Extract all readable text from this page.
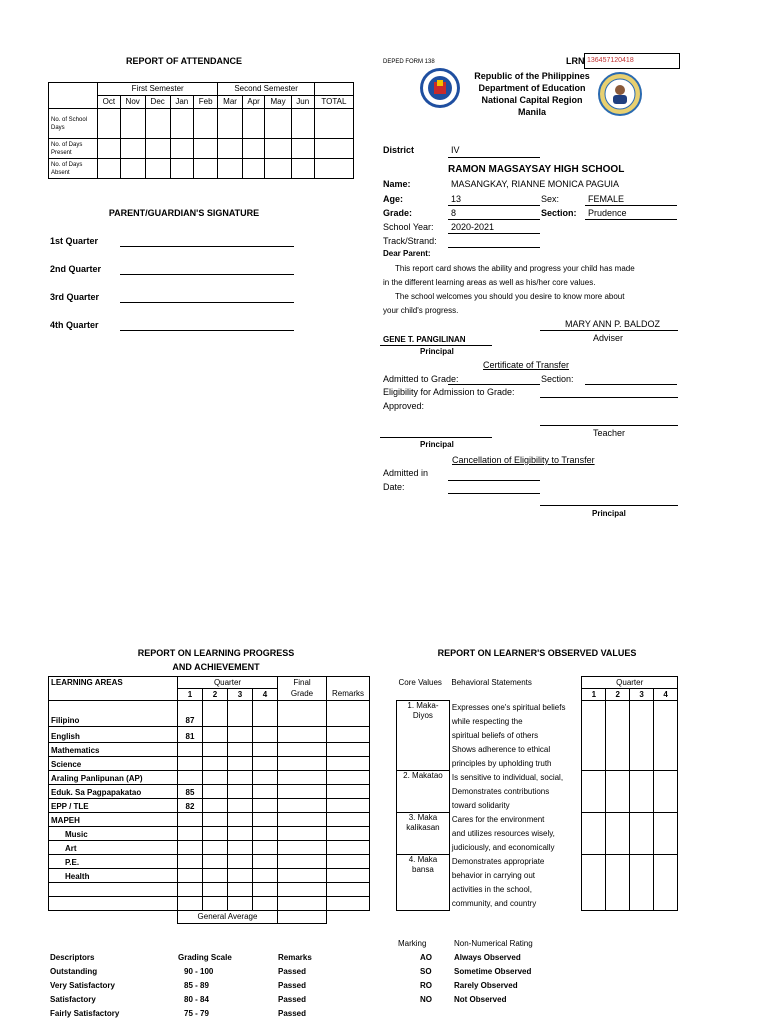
REPORT OF ATTENDANCE
	First Semester					Second Semester				
	Oct	Nov	Dec	Jan	Feb	Mar	Apr	May	Jun	TOTAL
No. of School
Days										
No. of Days
Present										
No. of Days
Absent										
PARENT/GUARDIAN'S SIGNATURE
1st Quarter
2nd Quarter
3rd Quarter
4th Quarter
DEPED FORM 138	LRN 136457120418
Republic of the Philippines
Department of Education
National Capital Region
Manila
District	IV
RAMON MAGSAYSAY HIGH SCHOOL
Name:	MASANGKAY, RIANNE MONICA PAGUIA
Age:	13	Sex:	FEMALE
Grade:	8	Section: Prudence
School Year: 2020-2021
Track/Strand:
Dear Parent:
This report card shows the ability and progress your child has made
in the different learning areas as well as his/her core values.
The school welcomes you should you desire to know more about
your child's progress.
MARY ANN P. BALDOZ
Adviser
GENE T. PANGILINAN
Principal
Certificate of Transfer
Admitted to Grade:	Section:
Eligibility for Admission to Grade:
Approved:
Teacher
Principal
Cancellation of Eligibility to Transfer
Admitted in
Date:
Principal
REPORT ON LEARNING PROGRESS
AND ACHIEVEMENT
LEARNING AREAS	Quarter				Final	
	1	2	3	4	Grade	Remarks
Filipino	87					
English	81					
Mathematics						
Science						
Araling Panlipunan (AP)						
Eduk. Sa Pagpapakatao	85					
EPP / TLE	82					
MAPEH						
Music						
Art						
P.E.						
Health						

	General Average					
REPORT ON LEARNER'S OBSERVED VALUES
Core Values	Behavioral Statements	Quarter			
		1	2	3	4
1. Maka-
Diyos	Expresses one's spiritual beliefs				
	while respecting the				
	spiritual beliefs of others				
	Shows adherence to ethical				
	principles by upholding truth				
2. Makatao	Is sensitive to individual, social,				
	Demonstrates contributions				
	toward solidarity				
3. Maka
kalikasan	Cares for the environment				
	and utilizes resources wisely,				
	judiciously, and economically				
4. Maka
bansa	Demonstrates appropriate				
	behavior in carrying out				
	activities in the school,				
	community, and country				
Descriptors	Grading Scale	Remarks
Outstanding	90 - 100	Passed
Very Satisfactory	85 - 89	Passed
Satisfactory	80 - 84	Passed
Fairly Satisfactory	75 - 79	Passed
Marking	Non-Numerical Rating
AO	Always Observed
SO	Sometime Observed
RO	Rarely Observed
NO	Not Observed
